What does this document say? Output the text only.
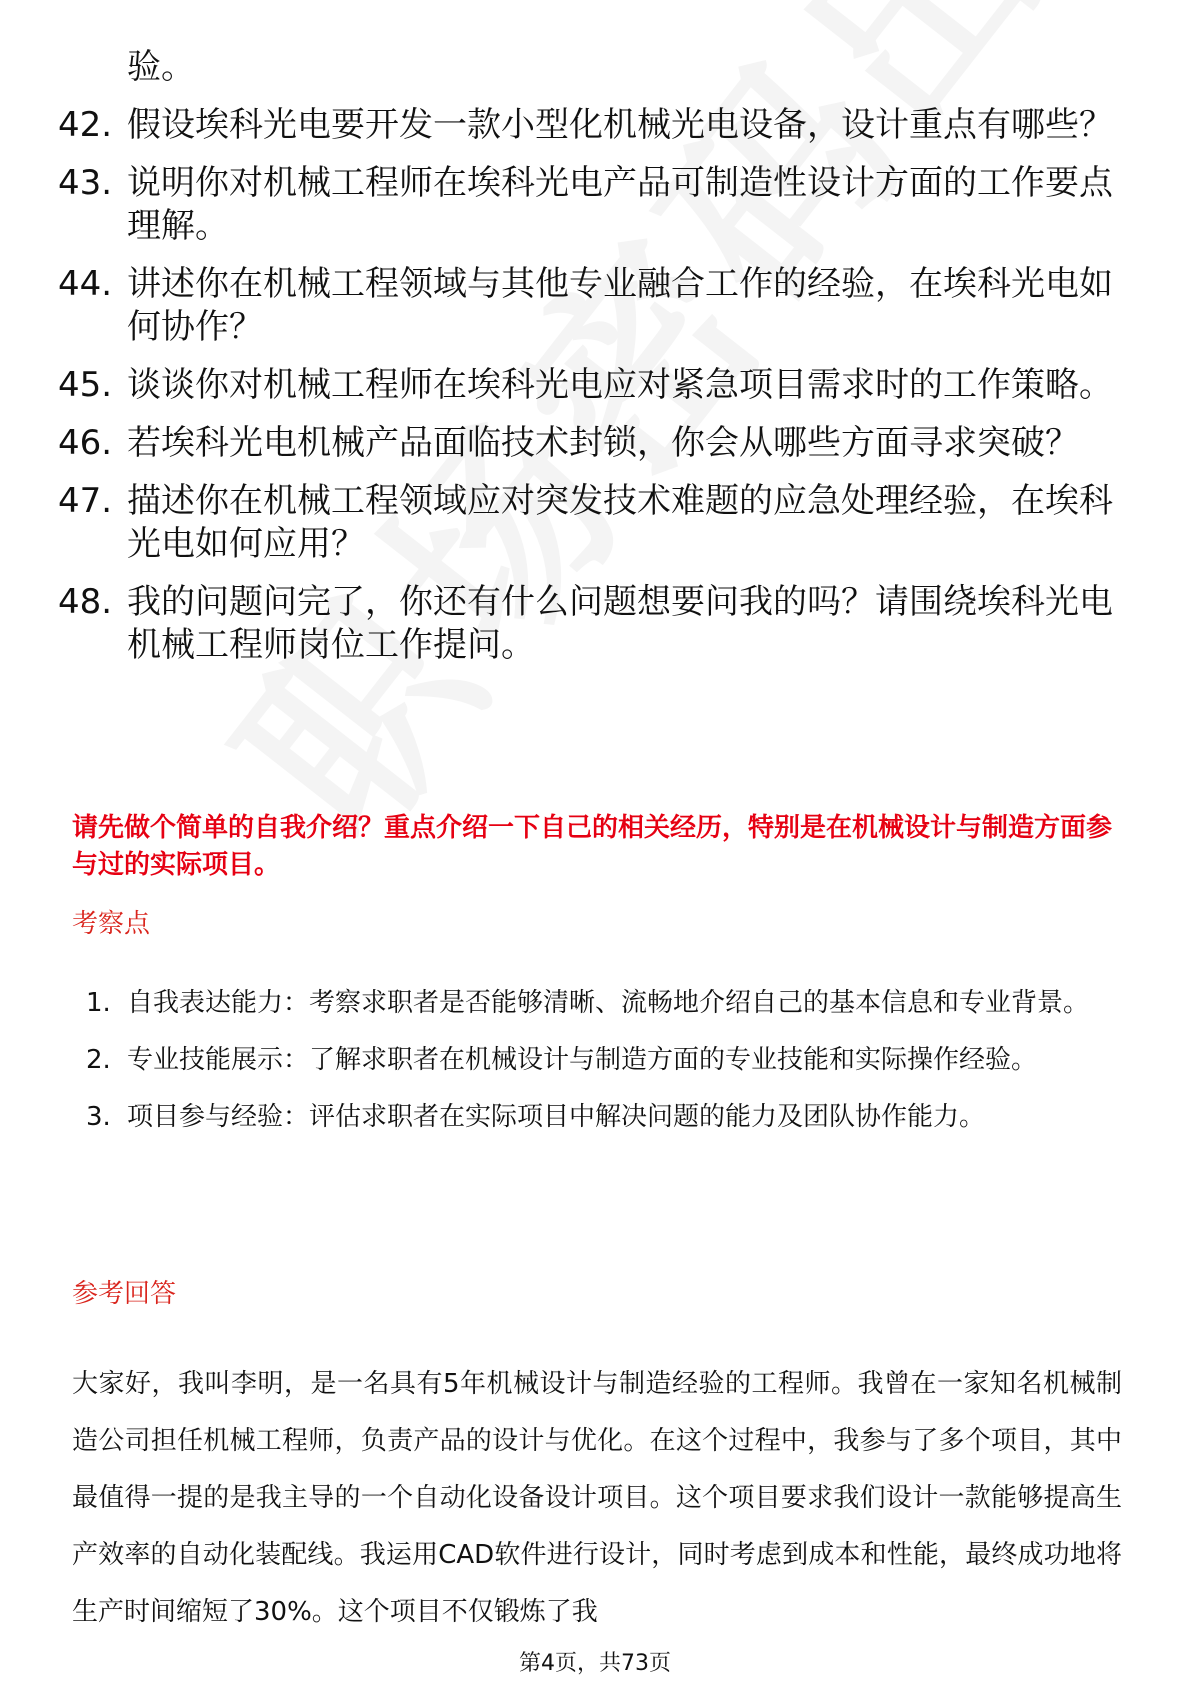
验。
42. 假设埃科光电要开发一款小型化机械光电设备，设计重点有哪些？
43. 说明你对机械工程师在埃科光电产品可制造性设计方面的工作要点理解。
44. 讲述你在机械工程领域与其他专业融合工作的经验，在埃科光电如何协作？
45. 谈谈你对机械工程师在埃科光电应对紧急项目需求时的工作策略。
46. 若埃科光电机械产品面临技术封锁，你会从哪些方面寻求突破？
47. 描述你在机械工程领域应对突发技术难题的应急处理经验，在埃科光电如何应用？
48. 我的问题问完了，你还有什么问题想要问我的吗？请围绕埃科光电机械工程师岗位工作提问。
请先做个简单的自我介绍？重点介绍一下自己的相关经历，特别是在机械设计与制造方面参与过的实际项目。
考察点
1. 自我表达能力：考察求职者是否能够清晰、流畅地介绍自己的基本信息和专业背景。
2. 专业技能展示：了解求职者在机械设计与制造方面的专业技能和实际操作经验。
3. 项目参与经验：评估求职者在实际项目中解决问题的能力及团队协作能力。
参考回答
大家好，我叫李明，是一名具有5年机械设计与制造经验的工程师。我曾在一家知名机械制造公司担任机械工程师，负责产品的设计与优化。在这个过程中，我参与了多个项目，其中最值得一提的是我主导的一个自动化设备设计项目。这个项目要求我们设计一款能够提高生产效率的自动化装配线。我运用CAD软件进行设计，同时考虑到成本和性能，最终成功地将生产时间缩短了30%。这个项目不仅锻炼了我
第4页，共73页
